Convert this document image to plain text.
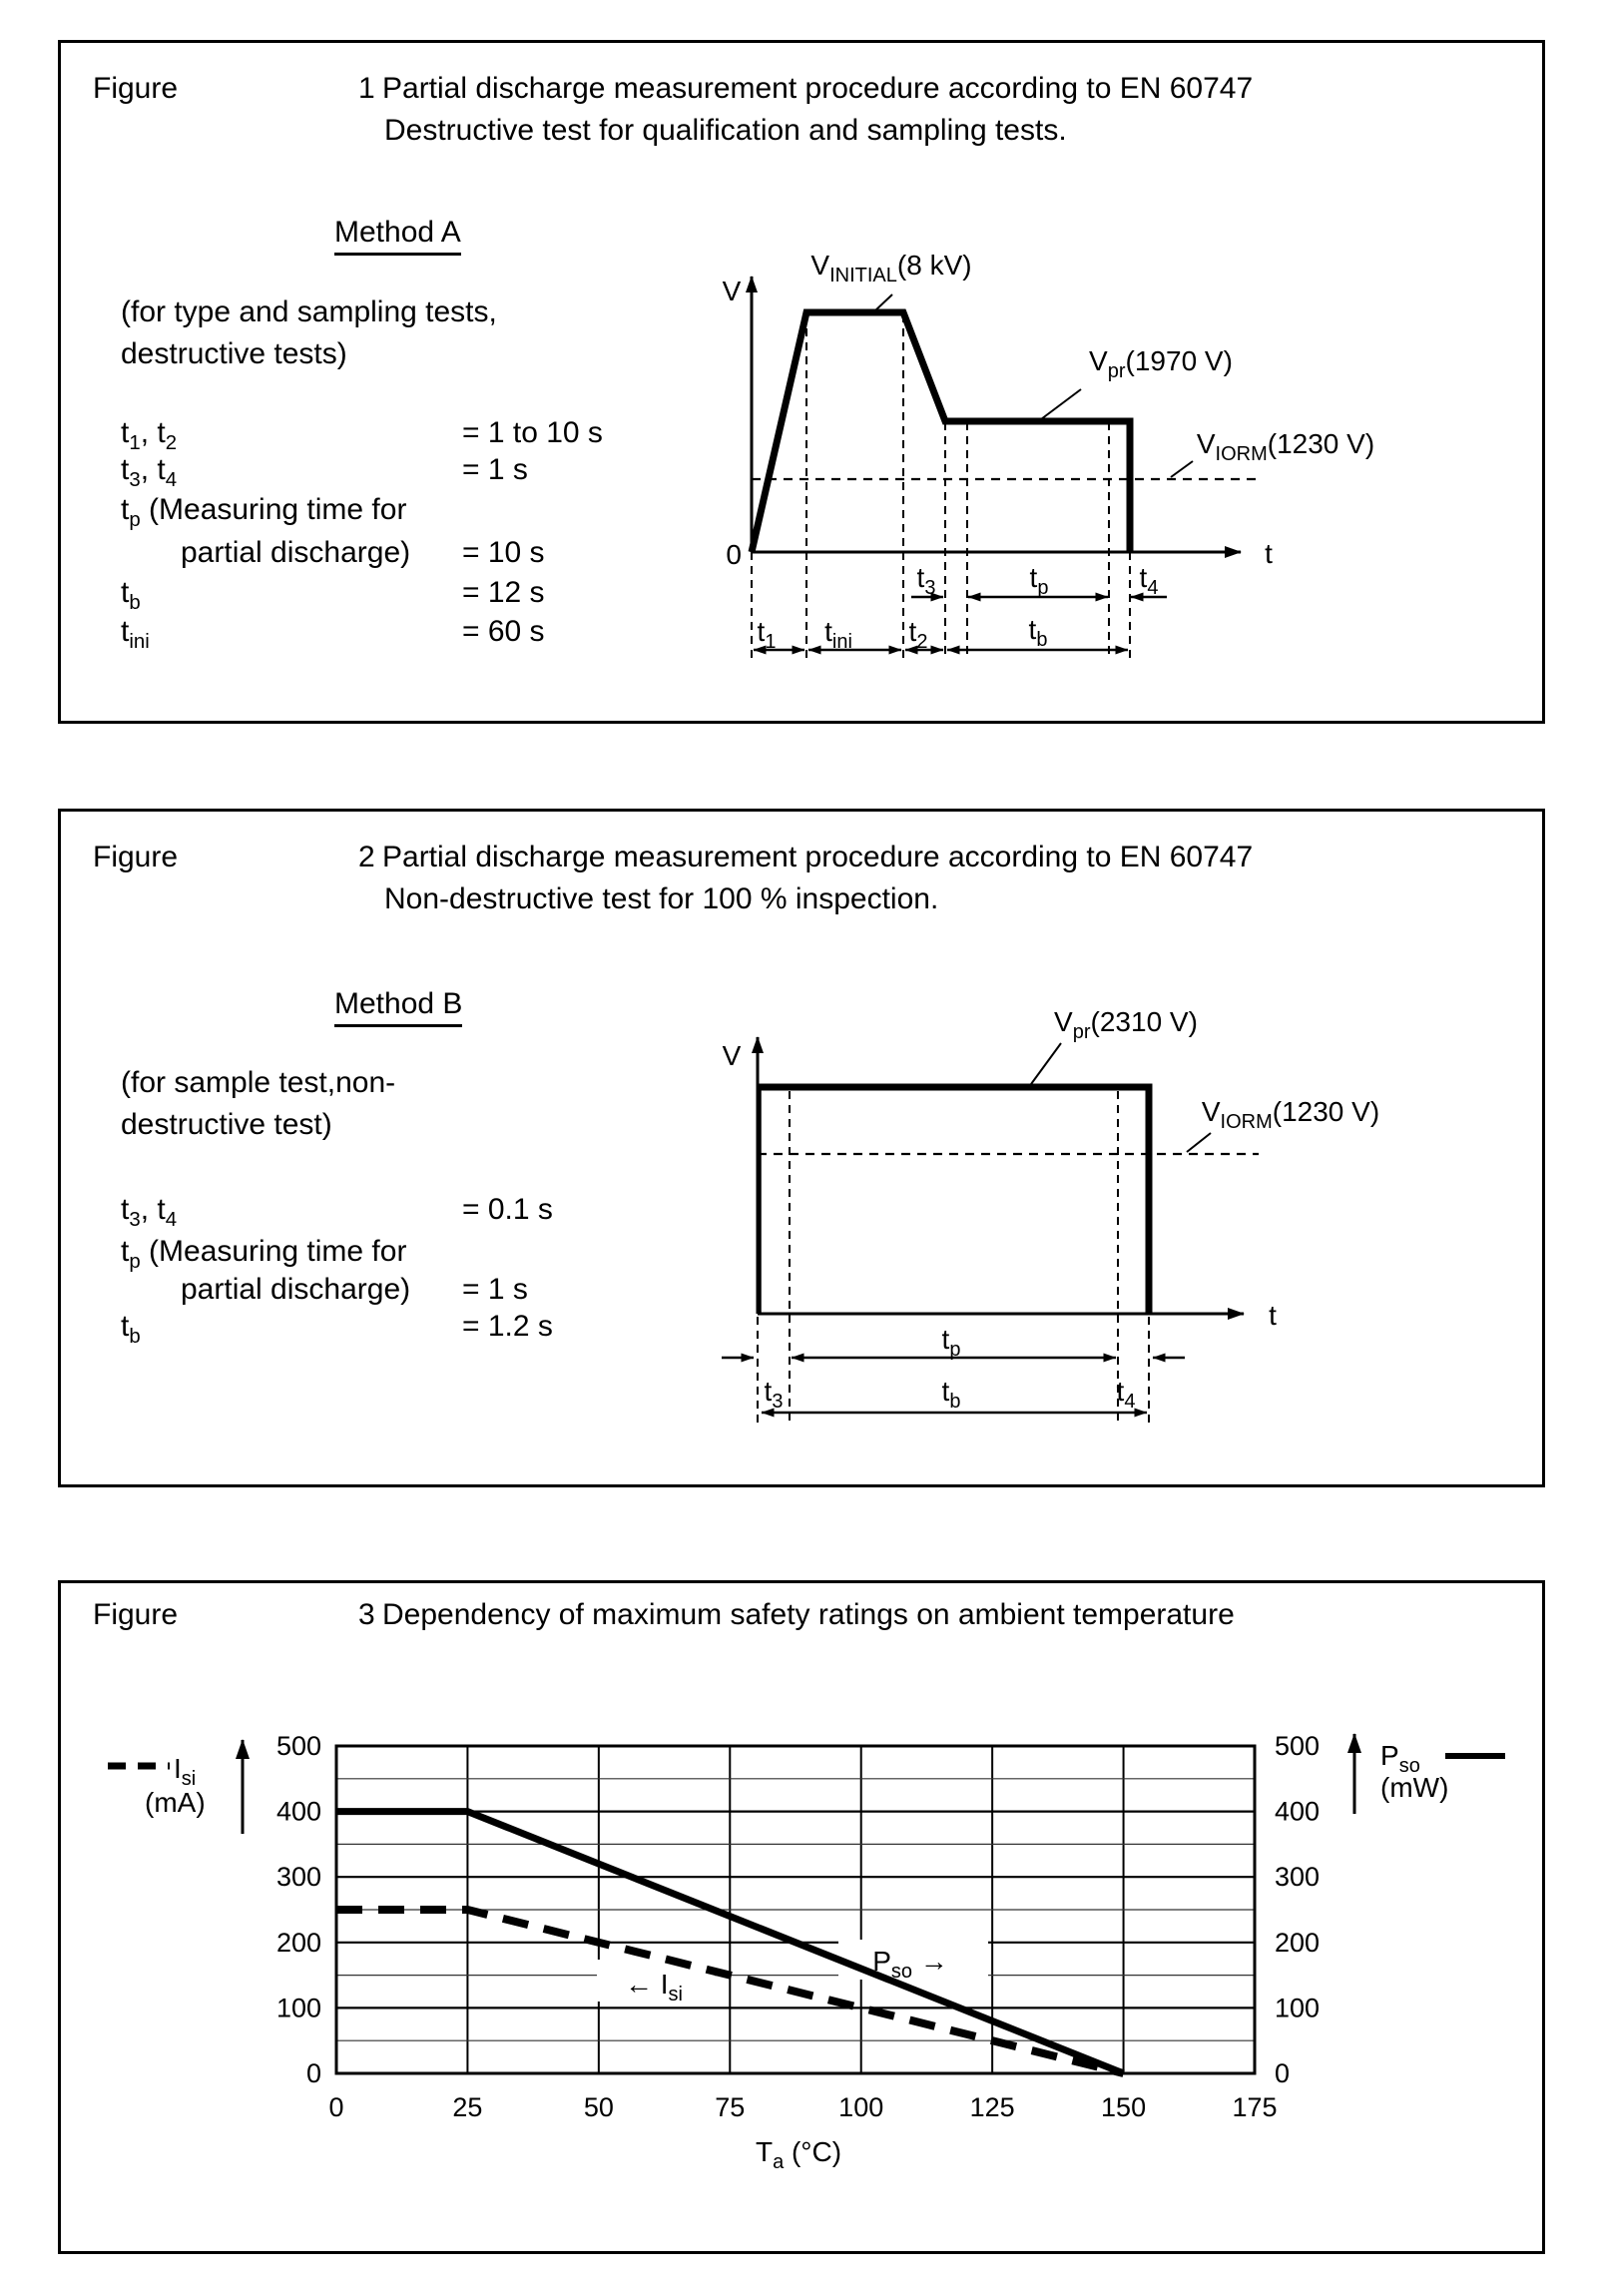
Figure	1 Partial discharge measurement procedure according to EN 60747
Destructive test for qualification and sampling tests.
Method A
(for type and sampling tests,
destructive tests)
$t_1$, $t_2$	= 1 to 10 s
$t_3$, $t_4$	= 1 s
$t_p$ (Measuring time for
partial discharge) = 10 s
$t_b$	= 12 s
$t_{ini}$	= 60 s
V
0	t
$V_{INITIAL}(8$ kV)
$V_{pr}(1970$ V)
$V_{IORM}(1230$ V)
$t_3$	$t_p$	$t_4$
$t_1$ $t_{ini}$ $t_2$	$t_b$
Figure	2 Partial discharge measurement procedure according to EN 60747
Non-destructive test for 100 % inspection.
Method B
(for sample test,non-
destructive test)
$t_3$, $t_4$	= 0.1 s
$t_p$ (Measuring time for
partial discharge) = 1 s
$t_b$	= 1.2 s
V
t
$V_{pr}(2310$ V)
$V_{IORM}(1230$ V)
$t_p$
$t_3$	$t_b$	$t_4$
Figure	3 Dependency of maximum safety ratings on ambient temperature
0	25	50	75	100	125	150	175
0	0
100	100
200	200
300	300
400	400
500	500
← $I_{si}$
$P_{so}$ →
$I_{si}$
(mA)
$P_{so}$
(mW)
$T_a$ (°C)
